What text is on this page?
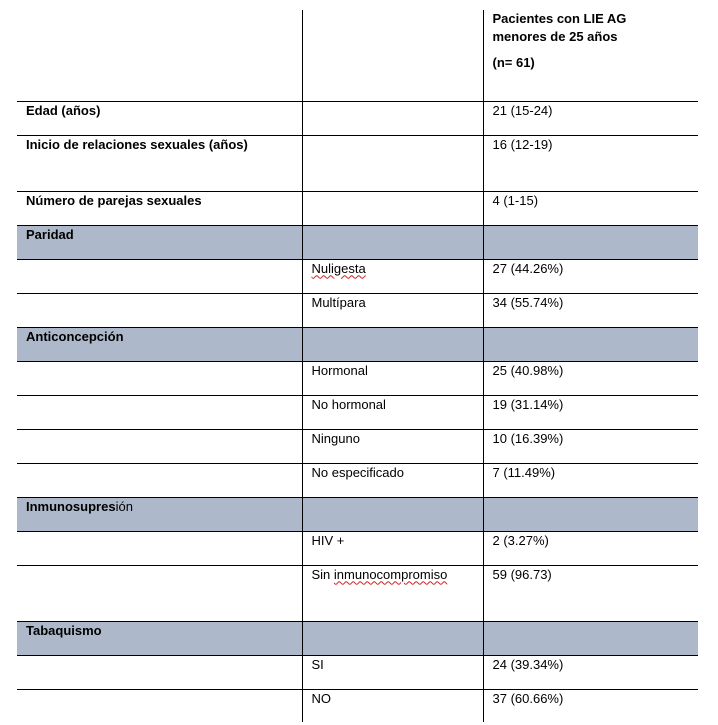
		Pacientes con LIE AG
menores de 25 años
(n= 61)

Edad (años)		21 (15-24)
Inicio de relaciones sexuales (años)		16 (12-19)
Número de parejas sexuales		4 (1-15)
Paridad		
	Nuligesta	27 (44.26%)
	Multípara	34 (55.74%)
Anticoncepción		
	Hormonal	25 (40.98%)
	No hormonal	19 (31.14%)
	Ninguno	10 (16.39%)
	No especificado	7 (11.49%)
Inmunosupresión		
	HIV +	2 (3.27%)
	Sin inmunocompromiso	59 (96.73)
Tabaquismo		
	SI	24 (39.34%)
	NO	37 (60.66%)
